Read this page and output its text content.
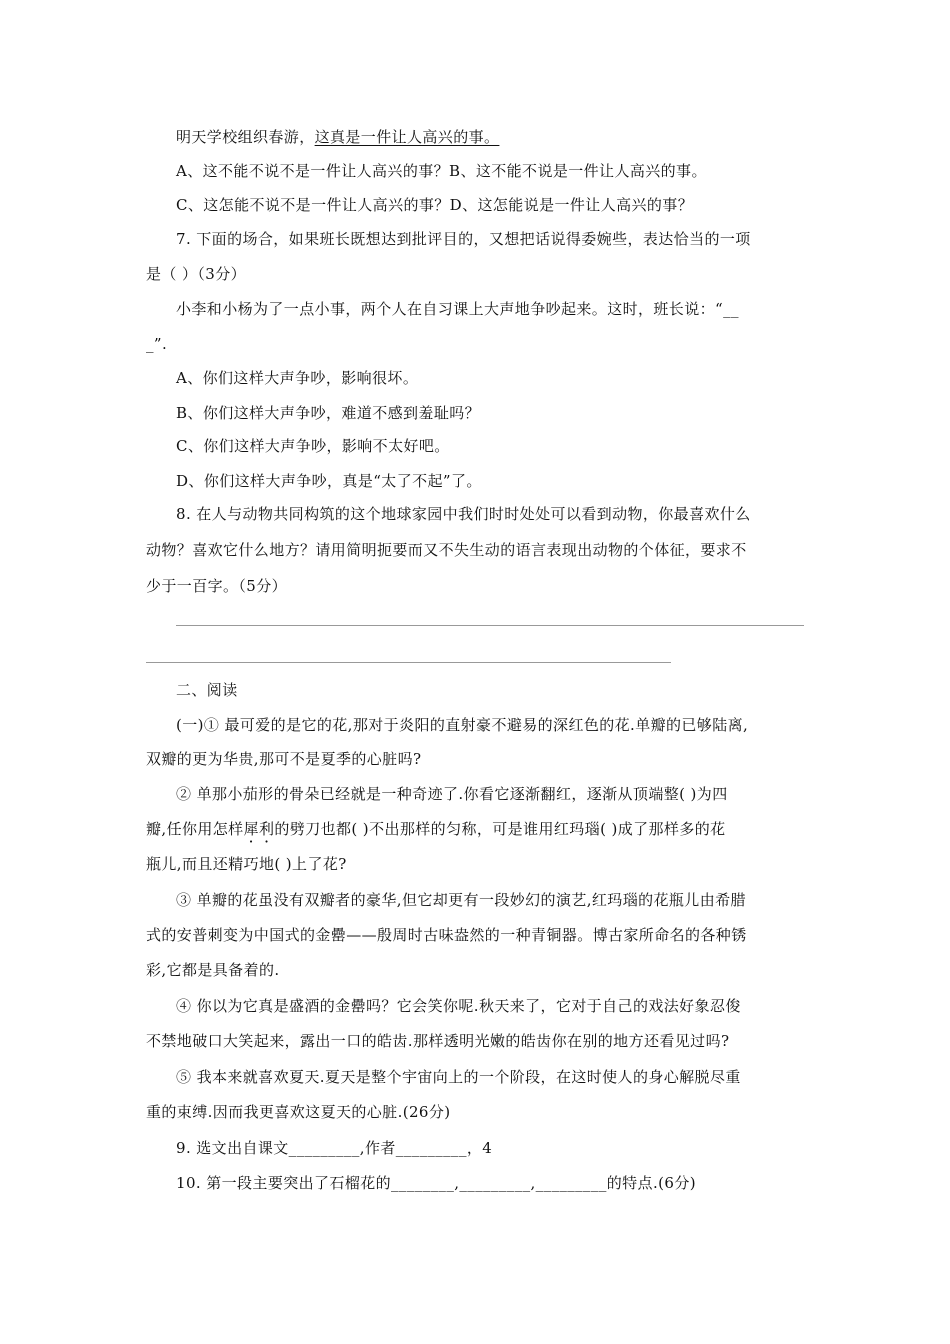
明天学校组织春游，这真是一件让人高兴的事。
A、这不能不说不是一件让人高兴的事？B、这不能不说是一件让人高兴的事。
C、这怎能不说不是一件让人高兴的事？D、这怎能说是一件让人高兴的事？
7. 下面的场合，如果班长既想达到批评目的，又想把话说得委婉些，表达恰当的一项
是（ ）（3分）
小李和小杨为了一点小事，两个人在自习课上大声地争吵起来。这时，班长说：“__
_”.
A、你们这样大声争吵，影响很坏。
B、你们这样大声争吵，难道不感到羞耻吗？
C、你们这样大声争吵，影响不太好吧。
D、你们这样大声争吵，真是“太了不起”了。
8. 在人与动物共同构筑的这个地球家园中我们时时处处可以看到动物，你最喜欢什么
动物？喜欢它什么地方？请用简明扼要而又不失生动的语言表现出动物的个体征，要求不
少于一百字。（5分）
二、阅读
(一)① 最可爱的是它的花,那对于炎阳的直射豪不避易的深红色的花.单瓣的已够陆离,
双瓣的更为华贵,那可不是夏季的心脏吗?
② 单那小茄形的骨朵已经就是一种奇迹了.你看它逐渐翻红，逐渐从顶端整( )为四
瓣,任你用怎样犀利的劈刀也都( )不出那样的匀称，可是谁用红玛瑙( )成了那样多的花
瓶儿,而且还精巧地( )上了花?
③ 单瓣的花虽没有双瓣者的豪华,但它却更有一段妙幻的演艺,红玛瑙的花瓶儿由希腊
式的安普刺变为中国式的金罍——殷周时古味盎然的一种青铜器。博古家所命名的各种锈
彩,它都是具备着的.
④ 你以为它真是盛酒的金罍吗？它会笑你呢.秋天来了，它对于自己的戏法好象忍俊
不禁地破口大笑起来，露出一口的皓齿.那样透明光嫩的皓齿你在别的地方还看见过吗?
⑤ 我本来就喜欢夏天.夏天是整个宇宙向上的一个阶段，在这时使人的身心解脱尽重
重的束缚.因而我更喜欢这夏天的心脏.(26分)
9. 选文出自课文_________,作者_________，4
10. 第一段主要突出了石榴花的________,_________,_________的特点.(6分)
